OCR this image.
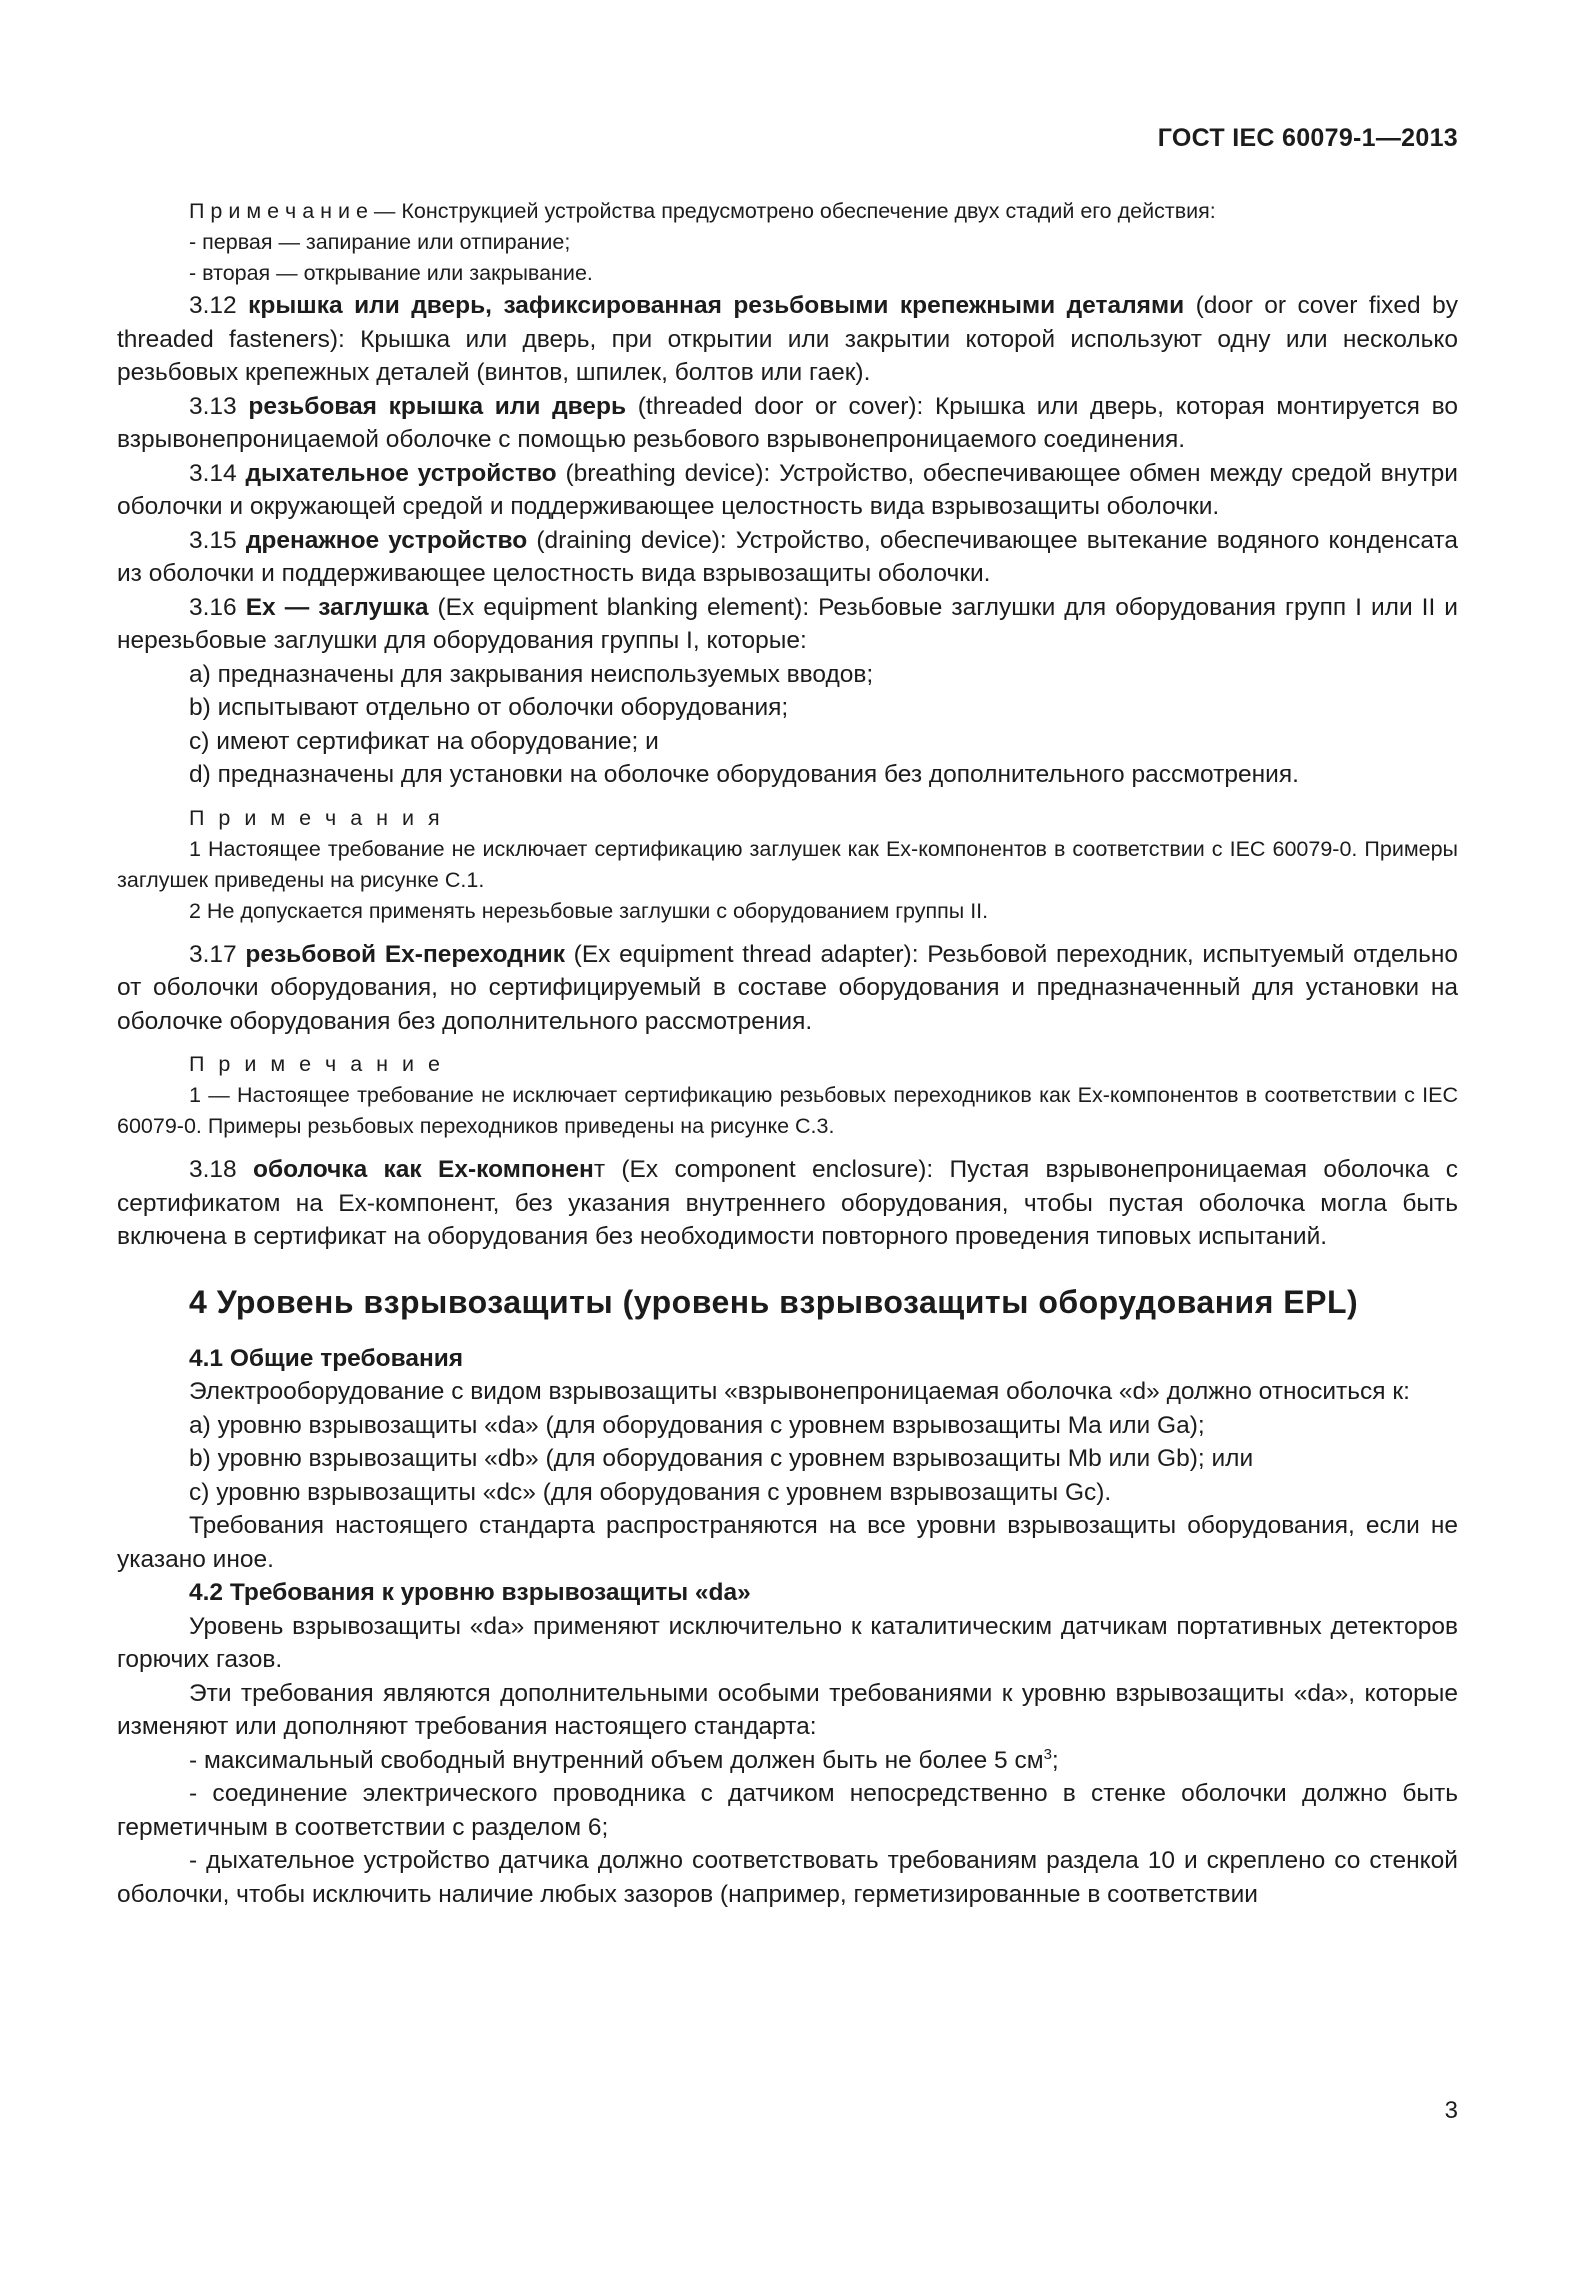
ГОСТ IEC 60079-1—2013

П р и м е ч а н и е — Конструкцией устройства предусмотрено обеспечение двух стадий его действия:

- первая — запирание или отпирание;

- вторая — открывание или закрывание.

3.12 крышка или дверь, зафиксированная резьбовыми крепежными деталями (door or cover fixed by threaded fasteners): Крышка или дверь, при открытии или закрытии которой используют одну или несколько резьбовых крепежных деталей (винтов, шпилек, болтов или гаек).

3.13 резьбовая крышка или дверь (threaded door or cover): Крышка или дверь, которая монтируется во взрывонепроницаемой оболочке с помощью резьбового взрывонепроницаемого соединения.

3.14 дыхательное устройство (breathing device): Устройство, обеспечивающее обмен между средой внутри оболочки и окружающей средой и поддерживающее целостность вида взрывозащиты оболочки.

3.15 дренажное устройство (draining device): Устройство, обеспечивающее вытекание водяного конденсата из оболочки и поддерживающее целостность вида взрывозащиты оболочки.

3.16 Ex — заглушка (Ex equipment blanking element): Резьбовые заглушки для оборудования групп I или II и нерезьбовые заглушки для оборудования группы I, которые:

a) предназначены для закрывания неиспользуемых вводов;

b) испытывают отдельно от оболочки оборудования;

c) имеют сертификат на оборудование; и

d) предназначены для установки на оболочке оборудования без дополнительного рассмотрения.

П р и м е ч а н и я

1 Настоящее требование не исключает сертификацию заглушек как Ex-компонентов в соответствии с IEC 60079-0. Примеры заглушек приведены на рисунке С.1.

2 Не допускается применять нерезьбовые заглушки с оборудованием группы II.

3.17 резьбовой Ex-переходник (Ex equipment thread adapter): Резьбовой переходник, испытуемый отдельно от оболочки оборудования, но сертифицируемый в составе оборудования и предназначенный для установки на оболочке оборудования без дополнительного рассмотрения.

П р и м е ч а н и е

1 — Настоящее требование не исключает сертификацию резьбовых переходников как Ex-компонентов в соответствии с IEC 60079-0. Примеры резьбовых переходников приведены на рисунке С.3.

3.18 оболочка как Ex-компонент (Ex component enclosure): Пустая взрывонепроницаемая оболочка с сертификатом на Ex-компонент, без указания внутреннего оборудования, чтобы пустая оболочка могла быть включена в сертификат на оборудования без необходимости повторного проведения типовых испытаний.

4 Уровень взрывозащиты (уровень взрывозащиты оборудования EPL)

4.1 Общие требования

Электрооборудование с видом взрывозащиты «взрывонепроницаемая оболочка «d» должно относиться к:

a) уровню взрывозащиты «da» (для оборудования с уровнем взрывозащиты Ma или Ga);

b) уровню взрывозащиты «db» (для оборудования с уровнем взрывозащиты Mb или Gb); или

c) уровню взрывозащиты «dc» (для оборудования с уровнем взрывозащиты Gc).

Требования настоящего стандарта распространяются на все уровни взрывозащиты оборудования, если не указано иное.

4.2 Требования к уровню взрывозащиты «da»

Уровень взрывозащиты «da» применяют исключительно к каталитическим датчикам портативных детекторов горючих газов.

Эти требования являются дополнительными особыми требованиями к уровню взрывозащиты «da», которые изменяют или дополняют требования настоящего стандарта:

- максимальный свободный внутренний объем должен быть не более 5 $см^3$;

- соединение электрического проводника с датчиком непосредственно в стенке оболочки должно быть герметичным в соответствии с разделом 6;

- дыхательное устройство датчика должно соответствовать требованиям раздела 10 и скреплено со стенкой оболочки, чтобы исключить наличие любых зазоров (например, герметизированные в соответствии

3
